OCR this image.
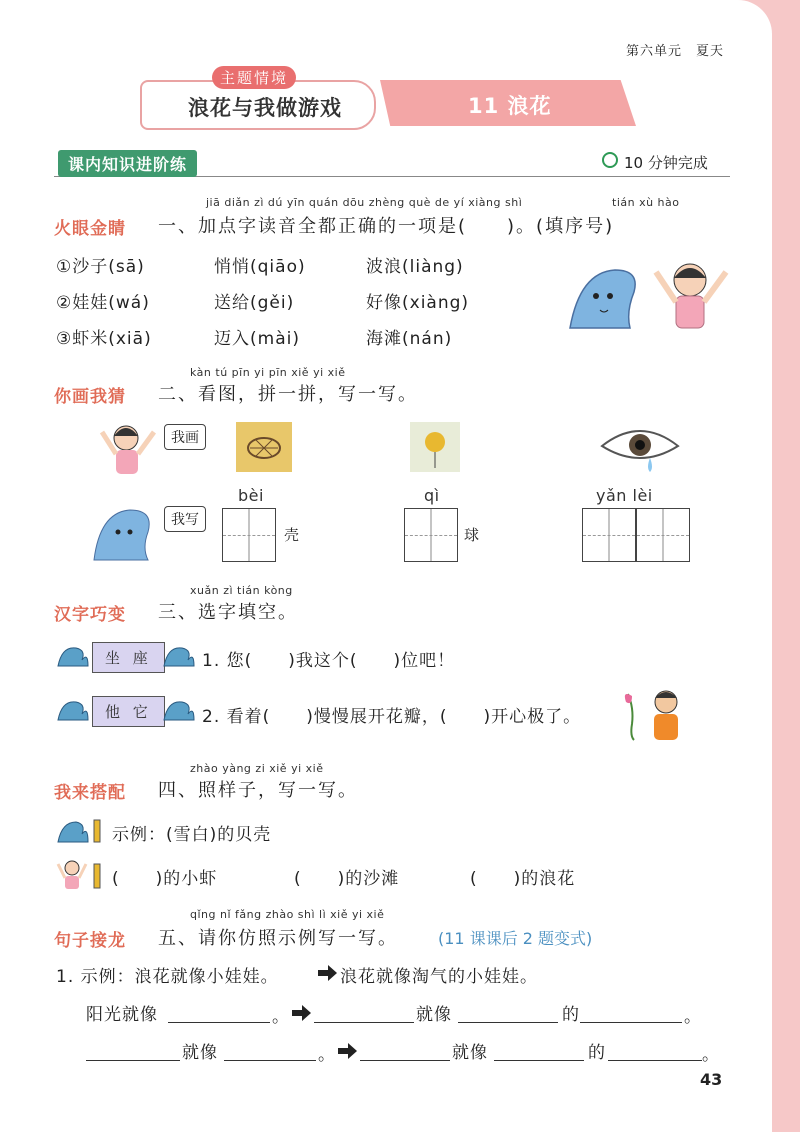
第六单元　夏天
主题情境
浪花与我做游戏	11 浪花
课内知识进阶练	10 分钟完成
jiā diǎn zì dú yīn quán dōu zhèng què de yí xiàng shì	tián xù hào
火眼金睛 一、加点字读音全都正确的一项是(　　)。(填序号)
①沙子(sā)	悄悄(qiāo)	波浪(liàng)
②娃娃(wá)	送给(gěi)	好像(xiàng)
③虾米(xiā)	迈入(mài)	海滩(nán)
kàn tú pīn yi pīn xiě yi xiě
你画我猜 二、看图，拼一拼，写一写。
我画
bèi	qì	yǎn lèi
我写
壳	球
xuǎn zì tián kòng
汉字巧变 三、选字填空。
坐 座	1. 您(　　)我这个(　　)位吧！
他 它	2. 看着(　　)慢慢展开花瓣，(　　)开心极了。
zhào yàng zi xiě yi xiě
我来搭配 四、照样子，写一写。
示例：(雪白)的贝壳
(　　)的小虾	(　　)的沙滩	(　　)的浪花
qǐng nǐ fǎng zhào shì lì xiě yi xiě
句子接龙 五、请你仿照示例写一写。	(11 课课后 2 题变式)
1. 示例：浪花就像小娃娃。	浪花就像淘气的小娃娃。
阳光就像	。	就像	的	。
就像	。	就像	的	。
43
